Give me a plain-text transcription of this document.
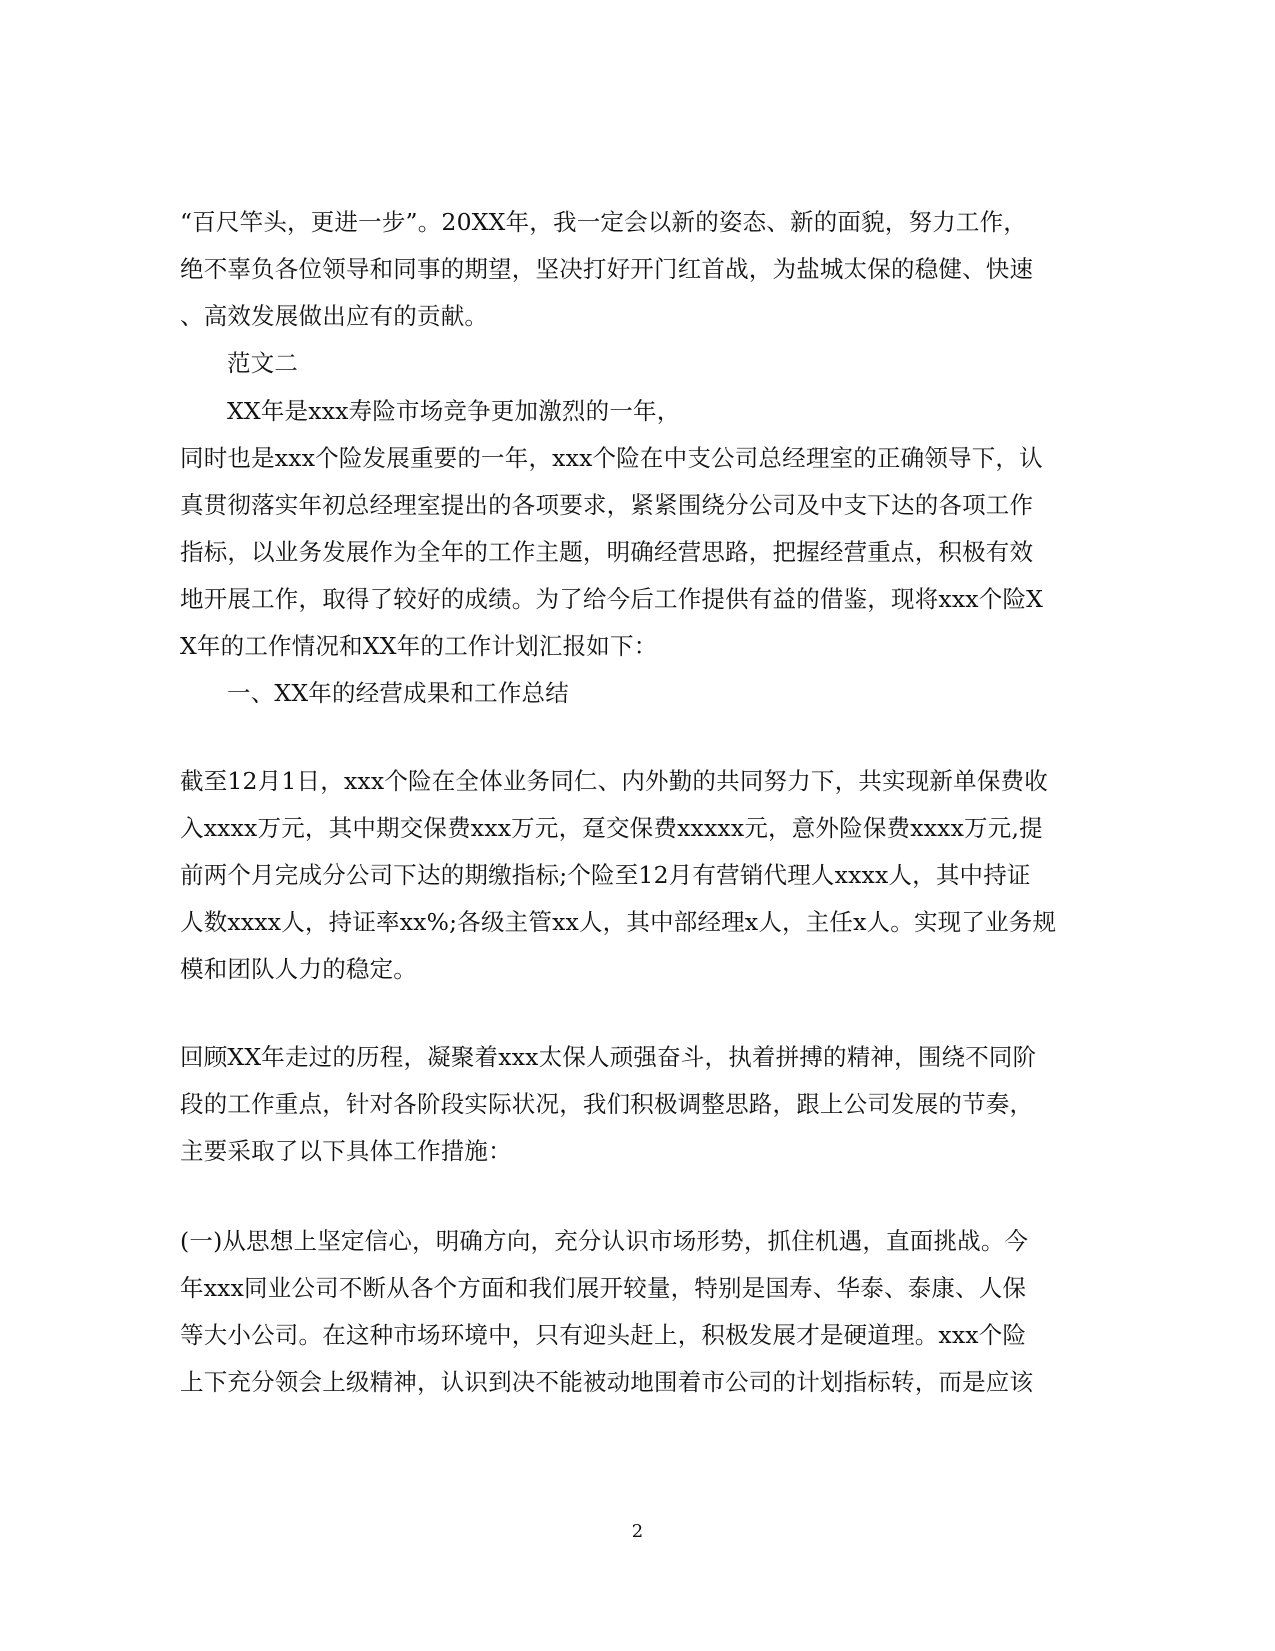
“百尺竿头，更进一步”。20XX年，我一定会以新的姿态、新的面貌，努力工作，
绝不辜负各位领导和同事的期望，坚决打好开门红首战，为盐城太保的稳健、快速
、高效发展做出应有的贡献。
范文二
XX年是xxx寿险市场竞争更加激烈的一年，
同时也是xxx个险发展重要的一年，xxx个险在中支公司总经理室的正确领导下，认
真贯彻落实年初总经理室提出的各项要求，紧紧围绕分公司及中支下达的各项工作
指标，以业务发展作为全年的工作主题，明确经营思路，把握经营重点，积极有效
地开展工作，取得了较好的成绩。为了给今后工作提供有益的借鉴，现将xxx个险X
X年的工作情况和XX年的工作计划汇报如下：
一、XX年的经营成果和工作总结
截至12月1日，xxx个险在全体业务同仁、内外勤的共同努力下，共实现新单保费收
入xxxx万元，其中期交保费xxx万元，趸交保费xxxxx元，意外险保费xxxx万元,提
前两个月完成分公司下达的期缴指标;个险至12月有营销代理人xxxx人，其中持证
人数xxxx人，持证率xx%;各级主管xx人，其中部经理x人，主任x人。实现了业务规
模和团队人力的稳定。
回顾XX年走过的历程，凝聚着xxx太保人顽强奋斗，执着拼搏的精神，围绕不同阶
段的工作重点，针对各阶段实际状况，我们积极调整思路，跟上公司发展的节奏，
主要采取了以下具体工作措施：
(一)从思想上坚定信心，明确方向，充分认识市场形势，抓住机遇，直面挑战。今
年xxx同业公司不断从各个方面和我们展开较量，特别是国寿、华泰、泰康、人保
等大小公司。在这种市场环境中，只有迎头赶上，积极发展才是硬道理。xxx个险
上下充分领会上级精神，认识到决不能被动地围着市公司的计划指标转，而是应该
2
